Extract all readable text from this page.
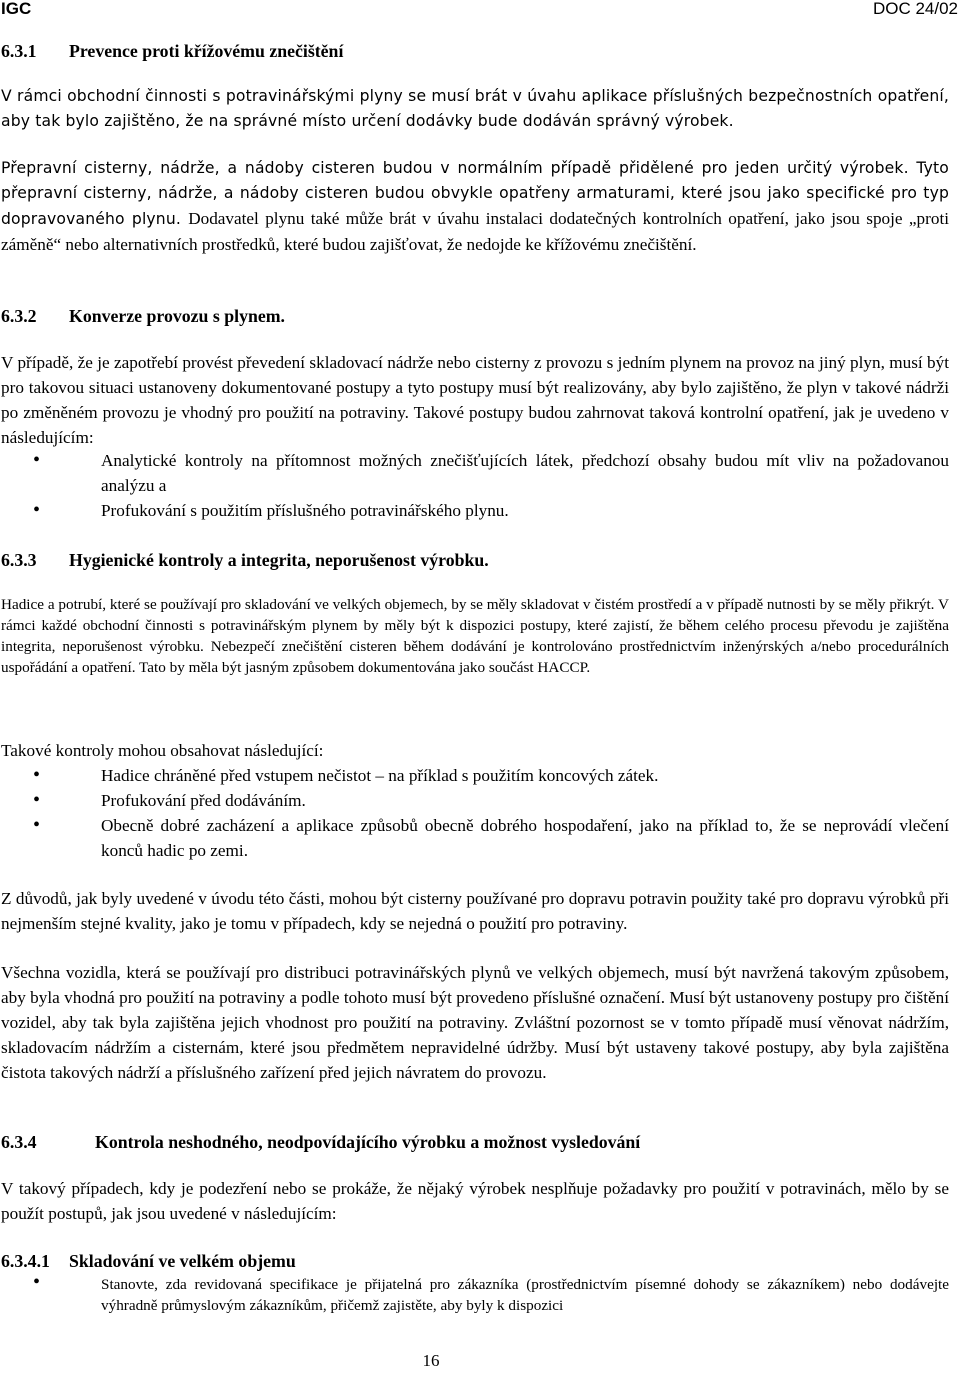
IGC	DOC 24/02
6.3.1 Prevence proti křížovému znečištění

V rámci obchodní činnosti s potravinářskými plyny se musí brát v úvahu aplikace příslušných bezpečnostních opatření, aby tak bylo zajištěno, že na správné místo určení dodávky bude dodáván správný výrobek.

Přepravní cisterny, nádrže, a nádoby cisteren budou v normálním případě přidělené pro jeden určitý výrobek. Tyto přepravní cisterny, nádrže, a nádoby cisteren budou obvykle opatřeny armaturami, které jsou jako specifické pro typ dopravovaného plynu. Dodavatel plynu také může brát v úvahu instalaci dodatečných kontrolních opatření, jako jsou spoje „proti záměně“ nebo alternativních prostředků, které budou zajišťovat, že nedojde ke křížovému znečištění.

6.3.2 Konverze provozu s plynem.

V případě, že je zapotřebí provést převedení skladovací nádrže nebo cisterny z provozu s jedním plynem na provoz na jiný plyn, musí být pro takovou situaci ustanoveny dokumentované postupy a tyto postupy musí být realizovány, aby bylo zajištěno, že plyn v takové nádrži po změněném provozu je vhodný pro použití na potraviny. Takové postupy budou zahrnovat taková kontrolní opatření, jak je uvedeno v následujícím:

•	Analytické kontroly na přítomnost možných znečišťujících látek, předchozí obsahy budou mít vliv na požadovanou analýzu a
•	Profukování s použitím příslušného potravinářského plynu.
6.3.3 Hygienické kontroly a integrita, neporušenost výrobku.

Hadice a potrubí, které se používají pro skladování ve velkých objemech, by se měly skladovat v čistém prostředí a v případě nutnosti by se měly přikrýt. V rámci každé obchodní činnosti s potravinářským plynem by měly být k dispozici postupy, které zajistí, že během celého procesu převodu je zajištěna integrita, neporušenost výrobku. Nebezpečí znečištění cisteren během dodávání je kontrolováno prostřednictvím inženýrských a/nebo procedurálních uspořádání a opatření. Tato by měla být jasným způsobem dokumentována jako součást HACCP.

Takové kontroly mohou obsahovat následující:

•	Hadice chráněné před vstupem nečistot – na příklad s použitím koncových zátek.
•	Profukování před dodáváním.
•	Obecně dobré zacházení a aplikace způsobů obecně dobrého hospodaření, jako na příklad to, že se neprovádí vlečení konců hadic po zemi.

Z důvodů, jak byly uvedené v úvodu této části, mohou být cisterny používané pro dopravu potravin použity také pro dopravu výrobků při nejmenším stejné kvality, jako je tomu v případech, kdy se nejedná o použití pro potraviny.

Všechna vozidla, která se používají pro distribuci potravinářských plynů ve velkých objemech, musí být navržená takovým způsobem, aby byla vhodná pro použití na potraviny a podle tohoto musí být provedeno příslušné označení. Musí být ustanoveny postupy pro čištění vozidel, aby tak byla zajištěna jejich vhodnost pro použití na potraviny. Zvláštní pozornost se v tomto případě musí věnovat nádržím, skladovacím nádržím a cisternám, které jsou předmětem nepravidelné údržby. Musí být ustaveny takové postupy, aby byla zajištěna čistota takových nádrží a příslušného zařízení před jejich návratem do provozu.

6.3.4	Kontrola neshodného, neodpovídajícího výrobku a možnost vysledování

V takový případech, kdy je podezření nebo se prokáže, že nějaký výrobek nesplňuje požadavky pro použití v potravinách, mělo by se použít postupů, jak jsou uvedené v následujícím:

6.3.4.1 Skladování ve velkém objemu
•	Stanovte, zda revidovaná specifikace je přijatelná pro zákazníka (prostřednictvím písemné dohody se zákazníkem) nebo dodávejte výhradně průmyslovým zákazníkům, přičemž zajistěte, aby byly k dispozici
16
